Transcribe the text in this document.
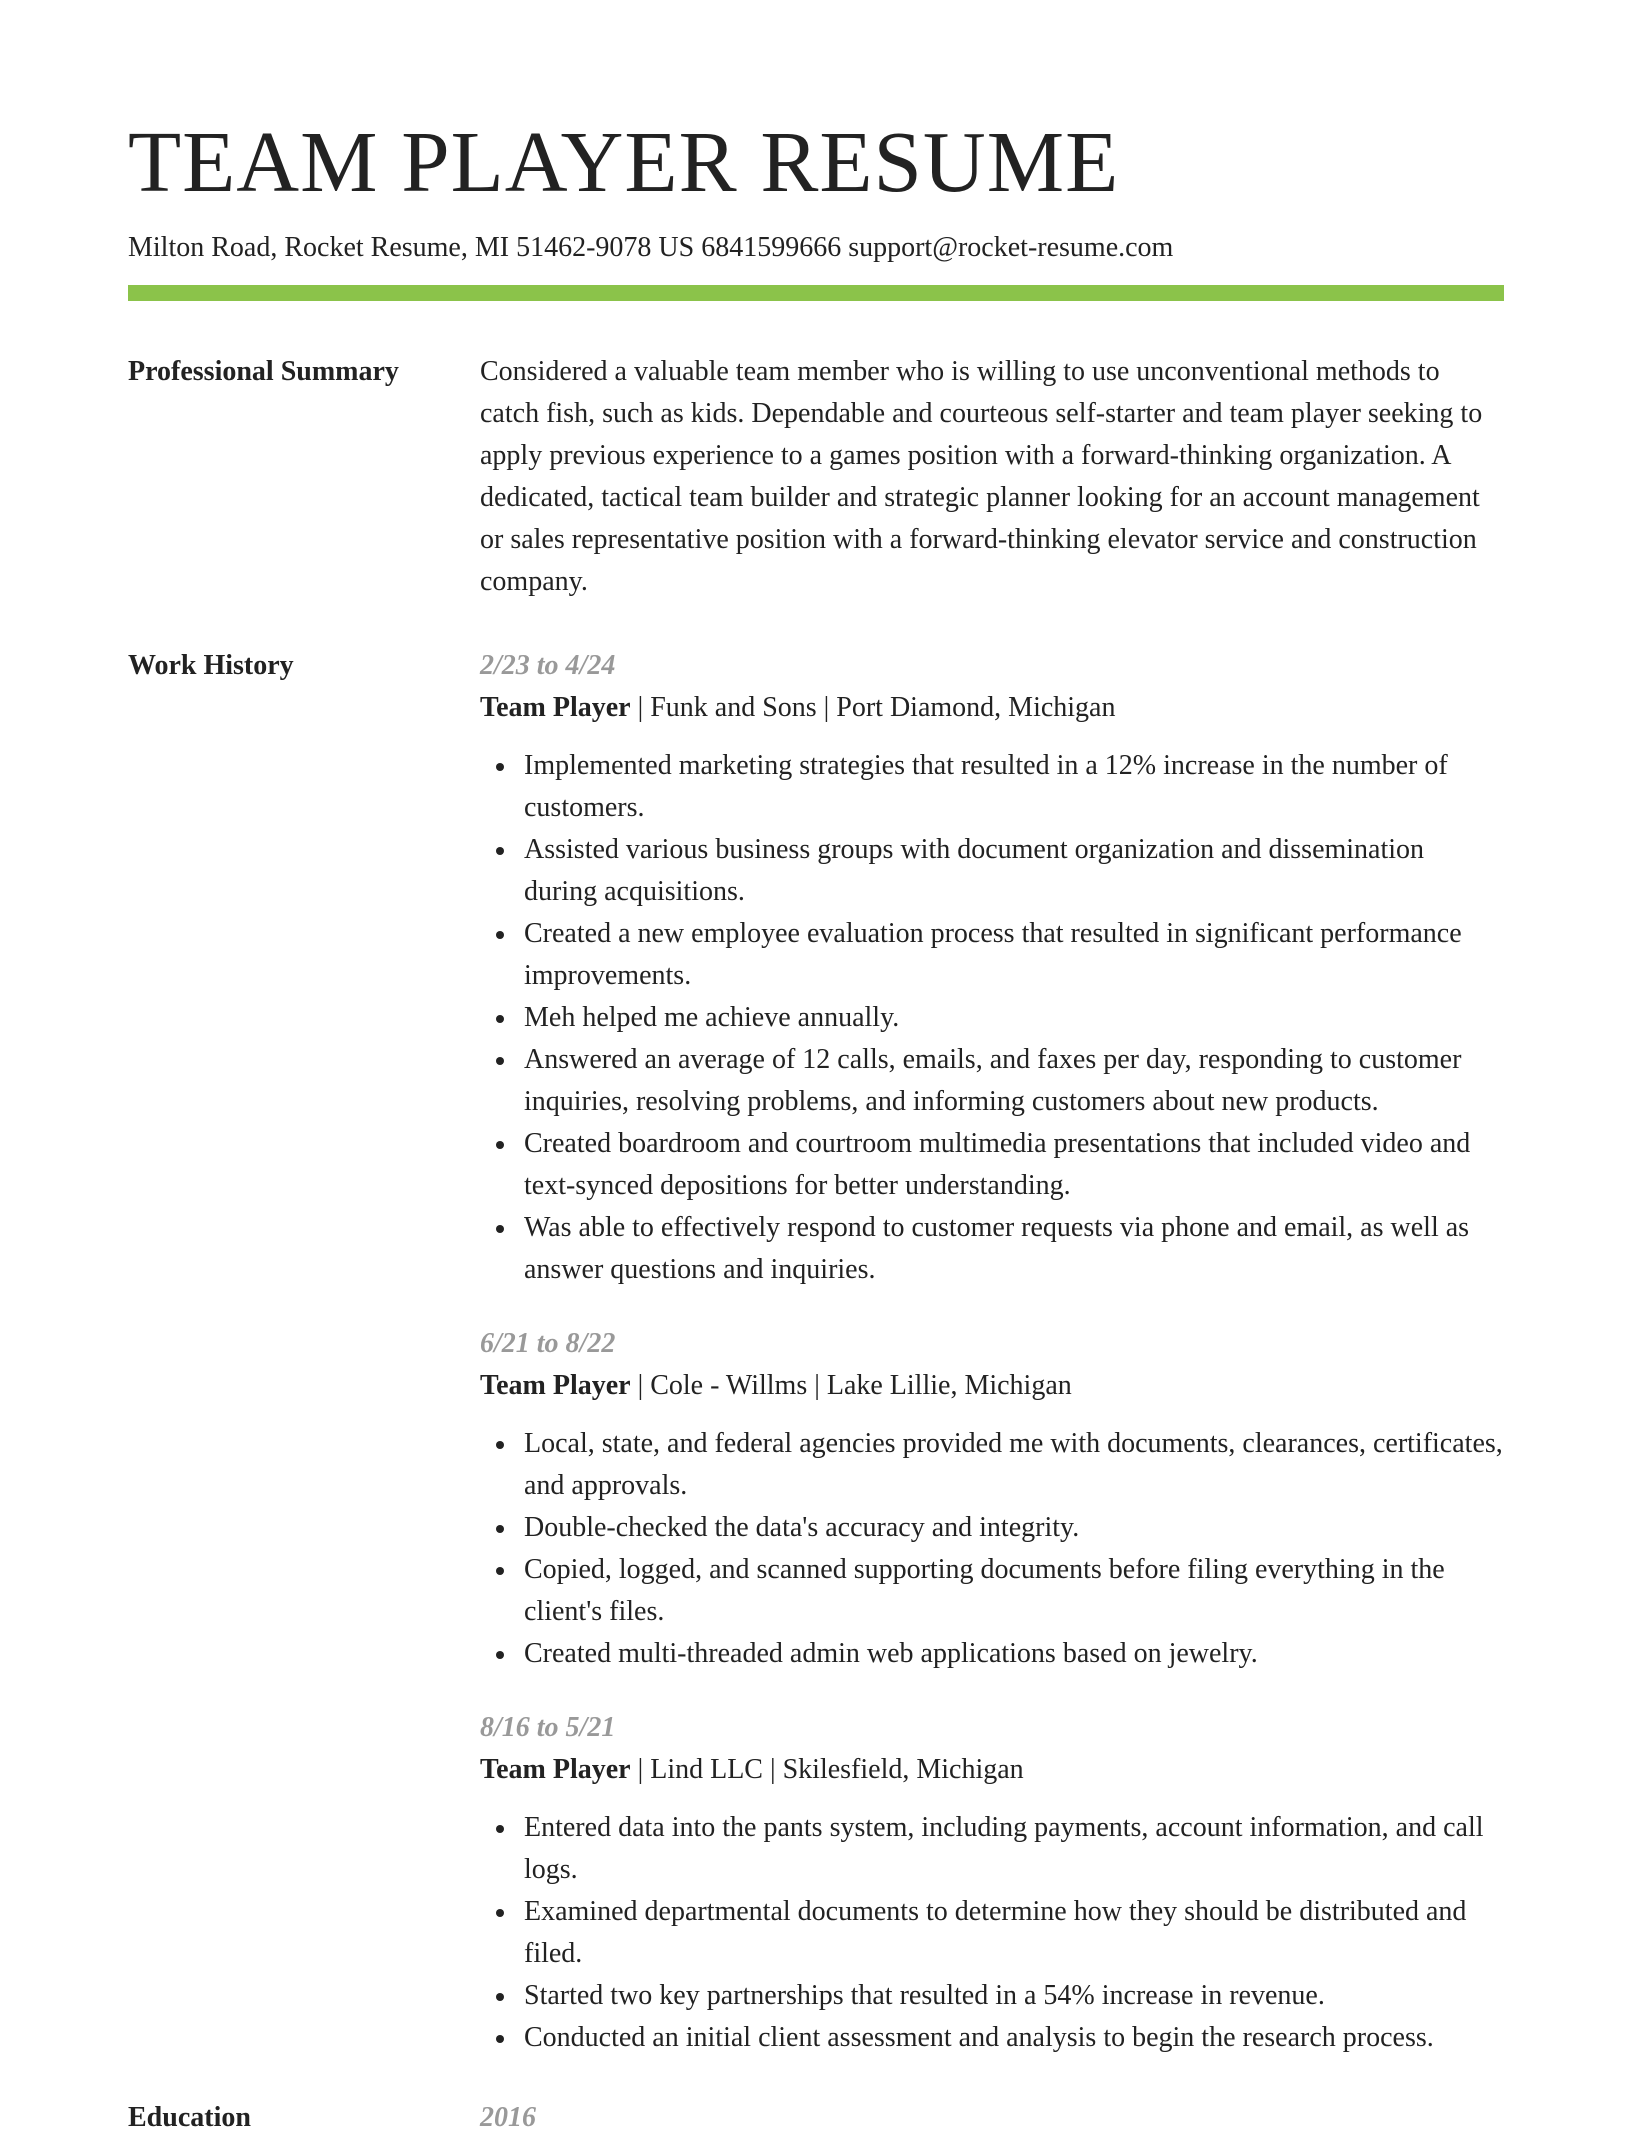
TEAM PLAYER RESUME
Milton Road, Rocket Resume, MI 51462-9078 US 6841599666 support@rocket-resume.com
Professional Summary	Considered a valuable team member who is willing to use unconventional methods to catch fish, such as kids. Dependable and courteous self-starter and team player seeking to apply previous experience to a games position with a forward-thinking organization. A dedicated, tactical team builder and strategic planner looking for an account management or sales representative position with a forward-thinking elevator service and construction company.
Work History	2/23 to 4/24
Team Player | Funk and Sons | Port Diamond, Michigan
Implemented marketing strategies that resulted in a 12% increase in the number of customers.
Assisted various business groups with document organization and dissemination during acquisitions.
Created a new employee evaluation process that resulted in significant performance improvements.
Meh helped me achieve annually.
Answered an average of 12 calls, emails, and faxes per day, responding to customer inquiries, resolving problems, and informing customers about new products.
Created boardroom and courtroom multimedia presentations that included video and text-synced depositions for better understanding.
Was able to effectively respond to customer requests via phone and email, as well as answer questions and inquiries.
6/21 to 8/22
Team Player | Cole - Willms | Lake Lillie, Michigan
Local, state, and federal agencies provided me with documents, clearances, certificates, and approvals.
Double-checked the data's accuracy and integrity.
Copied, logged, and scanned supporting documents before filing everything in the client's files.
Created multi-threaded admin web applications based on jewelry.
8/16 to 5/21
Team Player | Lind LLC | Skilesfield, Michigan
Entered data into the pants system, including payments, account information, and call logs.
Examined departmental documents to determine how they should be distributed and filed.
Started two key partnerships that resulted in a 54% increase in revenue.
Conducted an initial client assessment and analysis to begin the research process.
Education	2016
